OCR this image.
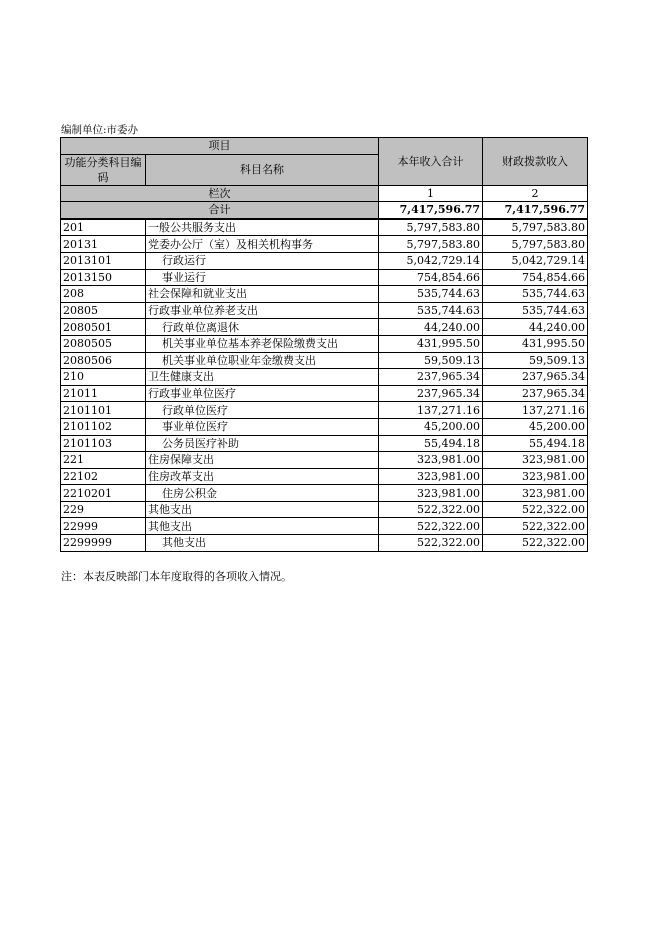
编制单位:市委办
项目		本年收入合计	财政拨款收入
功能分类科目编码	科目名称		
栏次		1	2
合计		7,417,596.77	7,417,596.77
201	一般公共服务支出	5,797,583.80	5,797,583.80
20131	党委办公厅（室）及相关机构事务	5,797,583.80	5,797,583.80
2013101	行政运行	5,042,729.14	5,042,729.14
2013150	事业运行	754,854.66	754,854.66
208	社会保障和就业支出	535,744.63	535,744.63
20805	行政事业单位养老支出	535,744.63	535,744.63
2080501	行政单位离退休	44,240.00	44,240.00
2080505	机关事业单位基本养老保险缴费支出	431,995.50	431,995.50
2080506	机关事业单位职业年金缴费支出	59,509.13	59,509.13
210	卫生健康支出	237,965.34	237,965.34
21011	行政事业单位医疗	237,965.34	237,965.34
2101101	行政单位医疗	137,271.16	137,271.16
2101102	事业单位医疗	45,200.00	45,200.00
2101103	公务员医疗补助	55,494.18	55,494.18
221	住房保障支出	323,981.00	323,981.00
22102	住房改革支出	323,981.00	323,981.00
2210201	住房公积金	323,981.00	323,981.00
229	其他支出	522,322.00	522,322.00
22999	其他支出	522,322.00	522,322.00
2299999	其他支出	522,322.00	522,322.00
注：本表反映部门本年度取得的各项收入情况。
